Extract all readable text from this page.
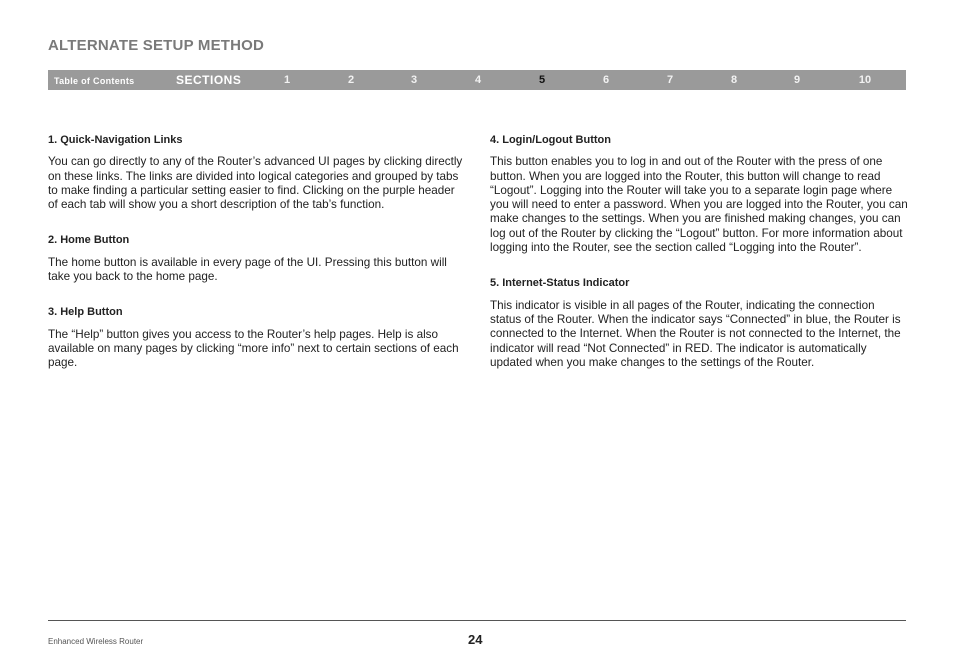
ALTERNATE SETUP METHOD
Table of Contents	SECTIONS	1	2	3	4	5	6	7	8	9	10
1. Quick-Navigation Links

You can go directly to any of the Router’s advanced UI pages by clicking directly on these links. The links are divided into logical categories and grouped by tabs to make finding a particular setting easier to find. Clicking on the purple header of each tab will show you a short description of the tab’s function.

2. Home Button

The home button is available in every page of the UI. Pressing this button will take you back to the home page.

3. Help Button

The “Help” button gives you access to the Router’s help pages. Help is also available on many pages by clicking “more info” next to certain sections of each page.

4. Login/Logout Button

This button enables you to log in and out of the Router with the press of one button. When you are logged into the Router, this button will change to read “Logout”. Logging into the Router will take you to a separate login page where you will need to enter a password. When you are logged into the Router, you can make changes to the settings. When you are finished making changes, you can log out of the Router by clicking the “Logout” button. For more information about logging into the Router, see the section called “Logging into the Router”.

5. Internet-Status Indicator

This indicator is visible in all pages of the Router, indicating the connection status of the Router. When the indicator says “Connected” in blue, the Router is connected to the Internet. When the Router is not connected to the Internet, the indicator will read “Not Connected” in RED. The indicator is automatically updated when you make changes to the settings of the Router.

Enhanced Wireless Router	24
